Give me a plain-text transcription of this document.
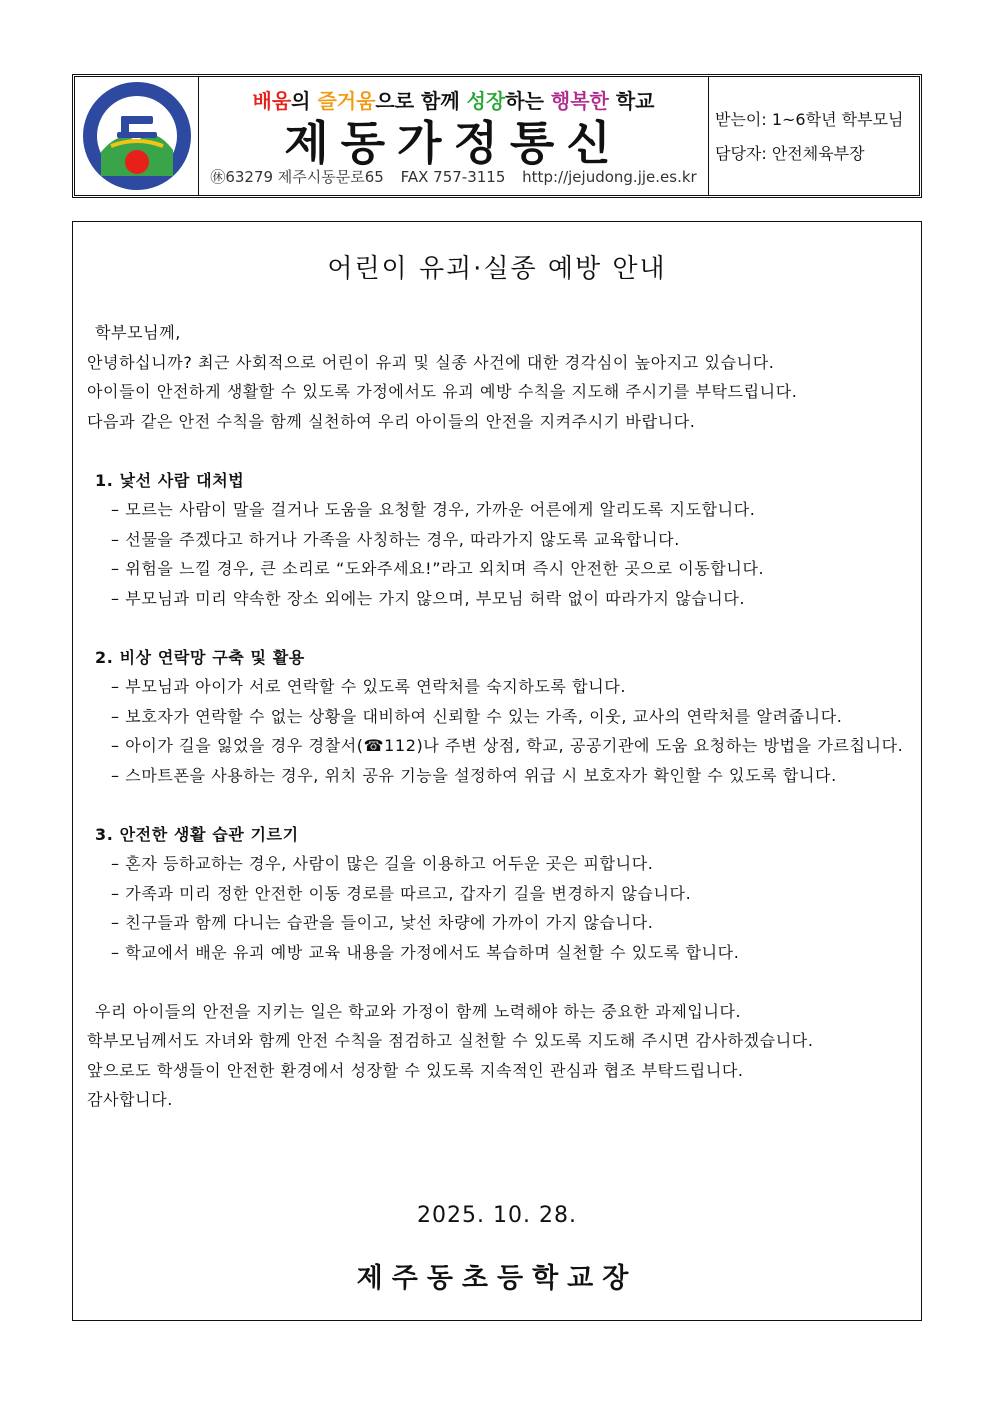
배움의 즐거움으로 함께 성장하는 행복한 학교
제동가정통신
㊡63279 제주시동문로65 FAX 757-3115 http://jejudong.jje.es.kr
받는이: 1~6학년 학부모님
담당자: 안전체육부장
어린이 유괴·실종 예방 안내

학부모님께,

안녕하십니까? 최근 사회적으로 어린이 유괴 및 실종 사건에 대한 경각심이 높아지고 있습니다.

아이들이 안전하게 생활할 수 있도록 가정에서도 유괴 예방 수칙을 지도해 주시기를 부탁드립니다.

다음과 같은 안전 수칙을 함께 실천하여 우리 아이들의 안전을 지켜주시기 바랍니다.

1. 낯선 사람 대처법

– 모르는 사람이 말을 걸거나 도움을 요청할 경우, 가까운 어른에게 알리도록 지도합니다.

– 선물을 주겠다고 하거나 가족을 사칭하는 경우, 따라가지 않도록 교육합니다.

– 위험을 느낄 경우, 큰 소리로 “도와주세요!”라고 외치며 즉시 안전한 곳으로 이동합니다.

– 부모님과 미리 약속한 장소 외에는 가지 않으며, 부모님 허락 없이 따라가지 않습니다.

2. 비상 연락망 구축 및 활용

– 부모님과 아이가 서로 연락할 수 있도록 연락처를 숙지하도록 합니다.

– 보호자가 연락할 수 없는 상황을 대비하여 신뢰할 수 있는 가족, 이웃, 교사의 연락처를 알려줍니다.

– 아이가 길을 잃었을 경우 경찰서(☎112)나 주변 상점, 학교, 공공기관에 도움 요청하는 방법을 가르칩니다.

– 스마트폰을 사용하는 경우, 위치 공유 기능을 설정하여 위급 시 보호자가 확인할 수 있도록 합니다.

3. 안전한 생활 습관 기르기

– 혼자 등하교하는 경우, 사람이 많은 길을 이용하고 어두운 곳은 피합니다.

– 가족과 미리 정한 안전한 이동 경로를 따르고, 갑자기 길을 변경하지 않습니다.

– 친구들과 함께 다니는 습관을 들이고, 낯선 차량에 가까이 가지 않습니다.

– 학교에서 배운 유괴 예방 교육 내용을 가정에서도 복습하며 실천할 수 있도록 합니다.

우리 아이들의 안전을 지키는 일은 학교와 가정이 함께 노력해야 하는 중요한 과제입니다.

학부모님께서도 자녀와 함께 안전 수칙을 점검하고 실천할 수 있도록 지도해 주시면 감사하겠습니다.

앞으로도 학생들이 안전한 환경에서 성장할 수 있도록 지속적인 관심과 협조 부탁드립니다.

감사합니다.

2025. 10. 28.
제주동초등학교장
